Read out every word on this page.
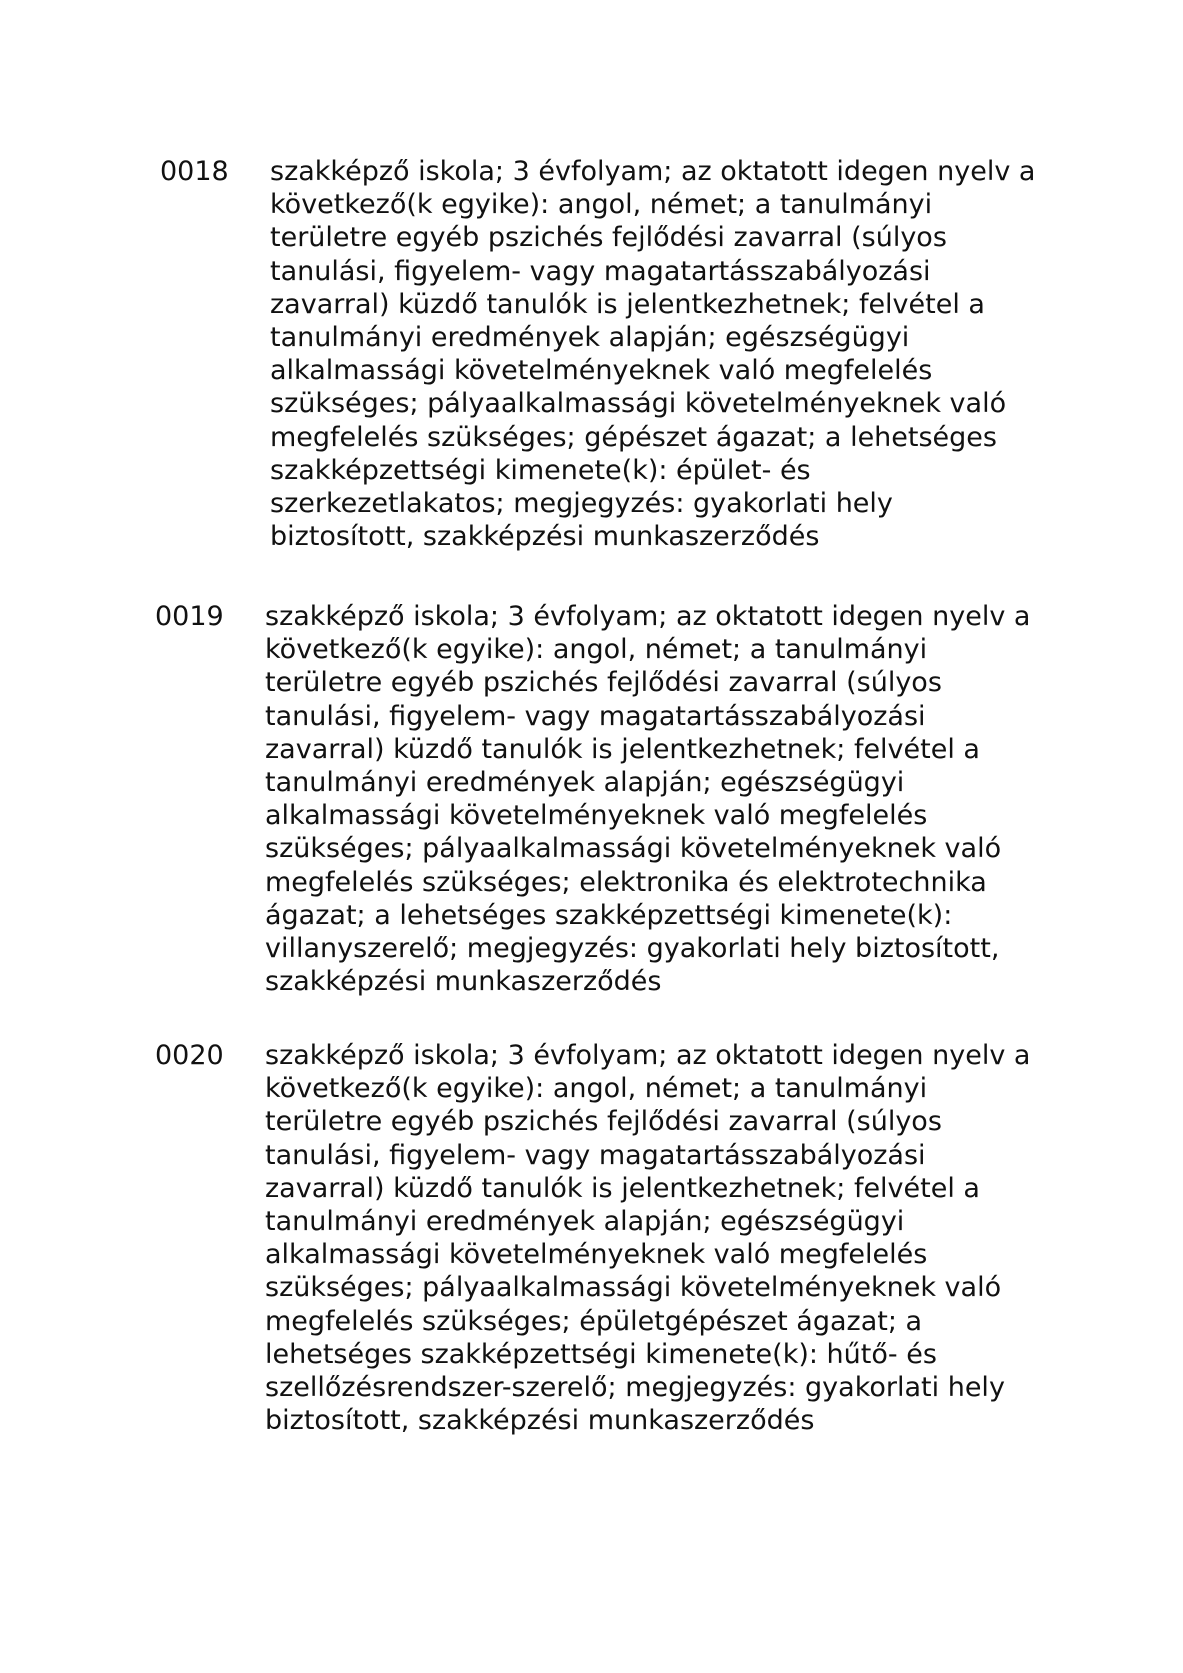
0018 szakképző iskola; 3 évfolyam; az oktatott idegen nyelv a
következő(k egyike): angol, német; a tanulmányi
területre egyéb pszichés fejlődési zavarral (súlyos
tanulási, figyelem- vagy magatartásszabályozási
zavarral) küzdő tanulók is jelentkezhetnek; felvétel a
tanulmányi eredmények alapján; egészségügyi
alkalmassági követelményeknek való megfelelés
szükséges; pályaalkalmassági követelményeknek való
megfelelés szükséges; gépészet ágazat; a lehetséges
szakképzettségi kimenete(k): épület- és
szerkezetlakatos; megjegyzés: gyakorlati hely
biztosított, szakképzési munkaszerződés

0019 szakképző iskola; 3 évfolyam; az oktatott idegen nyelv a
következő(k egyike): angol, német; a tanulmányi
területre egyéb pszichés fejlődési zavarral (súlyos
tanulási, figyelem- vagy magatartásszabályozási
zavarral) küzdő tanulók is jelentkezhetnek; felvétel a
tanulmányi eredmények alapján; egészségügyi
alkalmassági követelményeknek való megfelelés
szükséges; pályaalkalmassági követelményeknek való
megfelelés szükséges; elektronika és elektrotechnika
ágazat; a lehetséges szakképzettségi kimenete(k):
villanyszerelő; megjegyzés: gyakorlati hely biztosított,
szakképzési munkaszerződés

0020 szakképző iskola; 3 évfolyam; az oktatott idegen nyelv a
következő(k egyike): angol, német; a tanulmányi
területre egyéb pszichés fejlődési zavarral (súlyos
tanulási, figyelem- vagy magatartásszabályozási
zavarral) küzdő tanulók is jelentkezhetnek; felvétel a
tanulmányi eredmények alapján; egészségügyi
alkalmassági követelményeknek való megfelelés
szükséges; pályaalkalmassági követelményeknek való
megfelelés szükséges; épületgépészet ágazat; a
lehetséges szakképzettségi kimenete(k): hűtő- és
szellőzésrendszer-szerelő; megjegyzés: gyakorlati hely
biztosított, szakképzési munkaszerződés
